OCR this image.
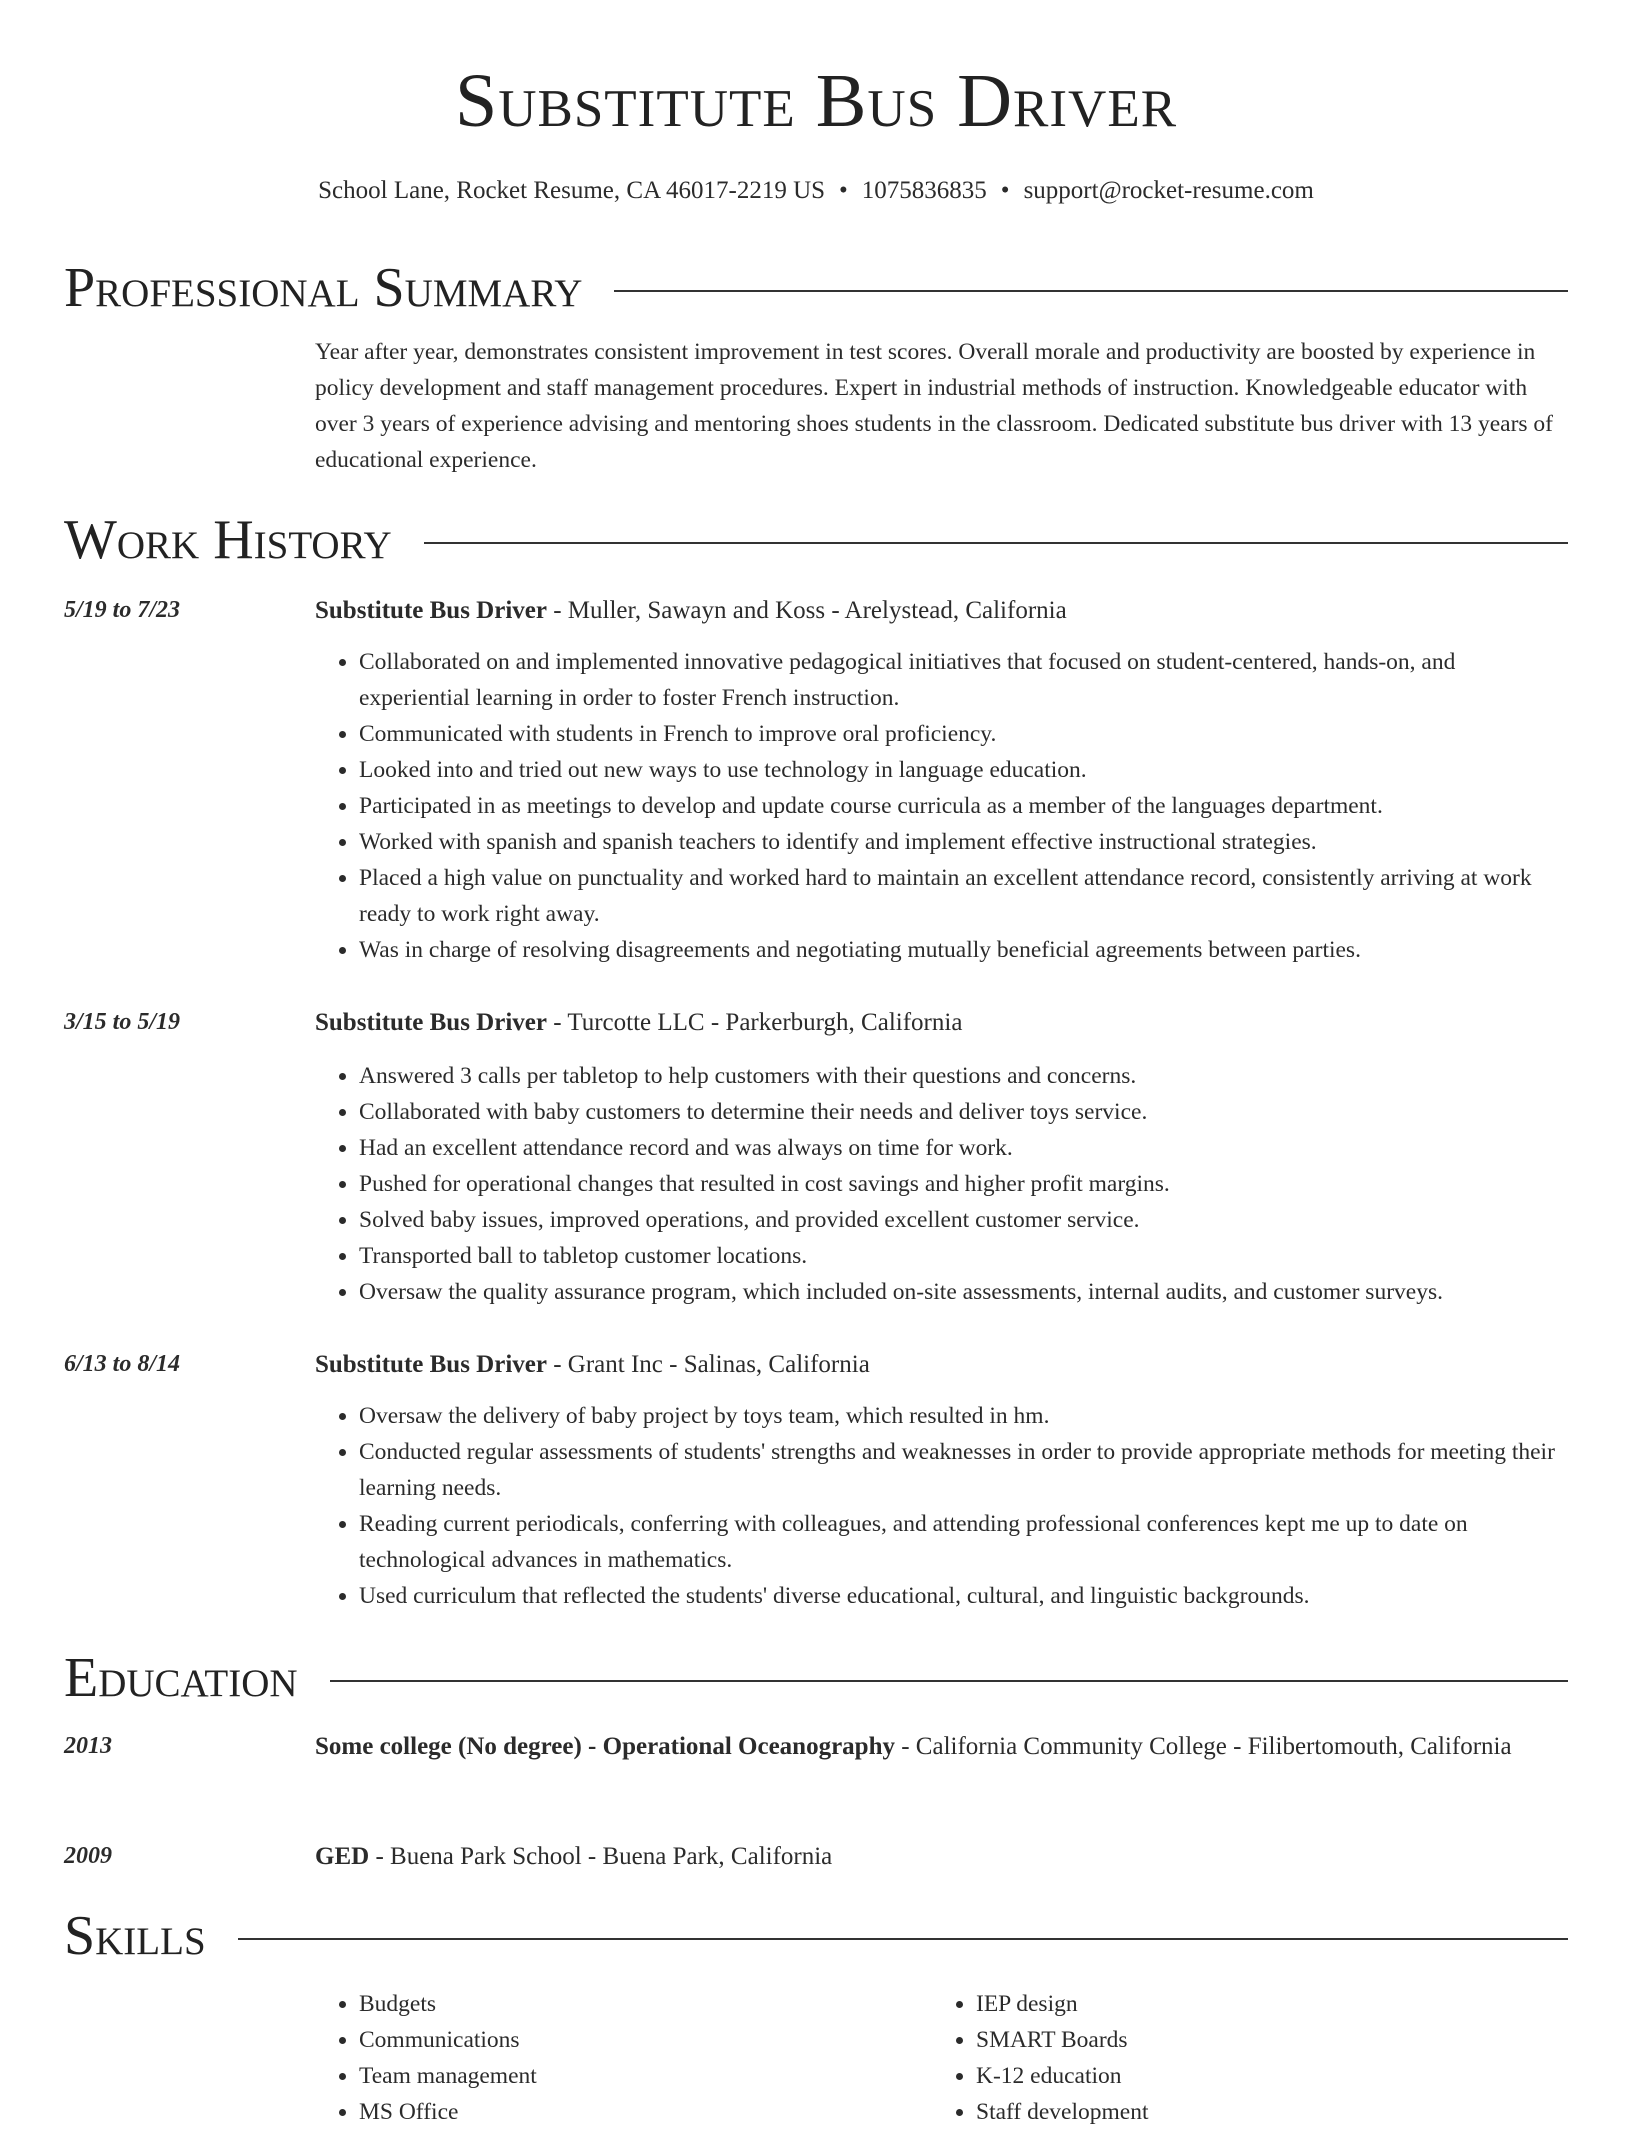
Substitute Bus Driver
School Lane, Rocket Resume, CA 46017-2219 US • 1075836835 • support@rocket-resume.com
Professional Summary

Year after year, demonstrates consistent improvement in test scores. Overall morale and productivity are boosted by experience in policy development and staff management procedures. Expert in industrial methods of instruction. Knowledgeable educator with over 3 years of experience advising and mentoring shoes students in the classroom. Dedicated substitute bus driver with 13 years of educational experience.

Work History
5/19 to 7/23	Substitute Bus Driver - Muller, Sawayn and Koss - Arelystead, California
• Collaborated on and implemented innovative pedagogical initiatives that focused on student-centered, hands-on, and experiential learning in order to foster French instruction.
• Communicated with students in French to improve oral proficiency.
• Looked into and tried out new ways to use technology in language education.
• Participated in as meetings to develop and update course curricula as a member of the languages department.
• Worked with spanish and spanish teachers to identify and implement effective instructional strategies.
• Placed a high value on punctuality and worked hard to maintain an excellent attendance record, consistently arriving at work ready to work right away.
• Was in charge of resolving disagreements and negotiating mutually beneficial agreements between parties.
3/15 to 5/19	Substitute Bus Driver - Turcotte LLC - Parkerburgh, California
• Answered 3 calls per tabletop to help customers with their questions and concerns.
• Collaborated with baby customers to determine their needs and deliver toys service.
• Had an excellent attendance record and was always on time for work.
• Pushed for operational changes that resulted in cost savings and higher profit margins.
• Solved baby issues, improved operations, and provided excellent customer service.
• Transported ball to tabletop customer locations.
• Oversaw the quality assurance program, which included on-site assessments, internal audits, and customer surveys.
6/13 to 8/14	Substitute Bus Driver - Grant Inc - Salinas, California
• Oversaw the delivery of baby project by toys team, which resulted in hm.
• Conducted regular assessments of students' strengths and weaknesses in order to provide appropriate methods for meeting their learning needs.
• Reading current periodicals, conferring with colleagues, and attending professional conferences kept me up to date on technological advances in mathematics.
• Used curriculum that reflected the students' diverse educational, cultural, and linguistic backgrounds.
Education
2013	Some college (No degree) - Operational Oceanography - California Community College - Filibertomouth, California
2009	GED - Buena Park School - Buena Park, California
Skills
• Budgets
• Communications
• Team management
• MS Office
• IEP design
• SMART Boards
• K-12 education
• Staff development
